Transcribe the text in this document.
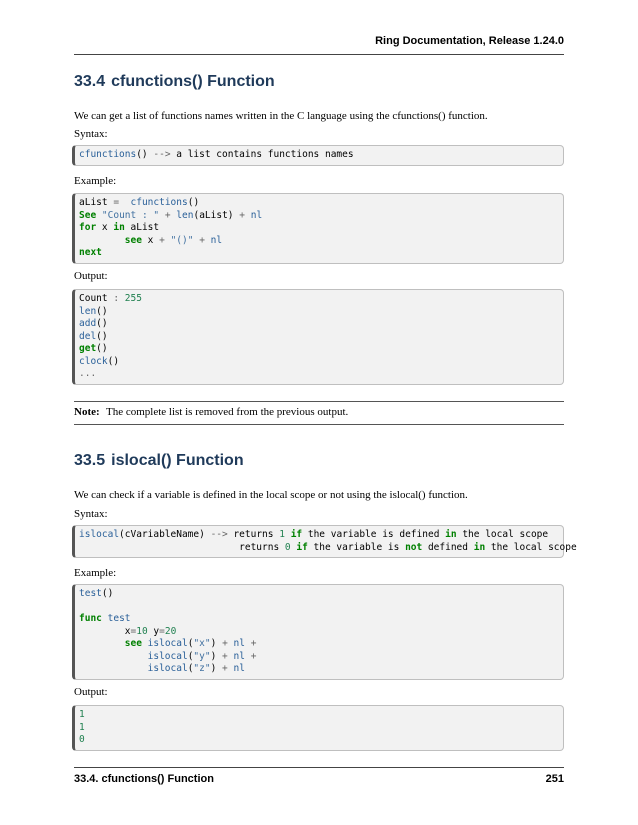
Ring Documentation, Release 1.24.0
33.4 cfunctions() Function

We can get a list of functions names written in the C language using the cfunctions() function.

Syntax:

cfunctions() --> a list contains functions names

Example:

aList = cfunctions()
See "Count : " + len(aList) + nl
for x in aList
see x + "()" + nl
next

Output:

Count : 255
len()
add()
del()
get()
clock()
...
Note: The complete list is removed from the previous output.
33.5 islocal() Function

We can check if a variable is defined in the local scope or not using the islocal() function.

Syntax:

islocal(cVariableName) --> returns 1 if the variable is defined in the local scope
returns 0 if the variable is not defined in the local scope

Example:

test()

func test
x=10 y=20
see islocal("x") + nl +
islocal("y") + nl +
islocal("z") + nl

Output:

1
1
0
33.4. cfunctions() Function	251
